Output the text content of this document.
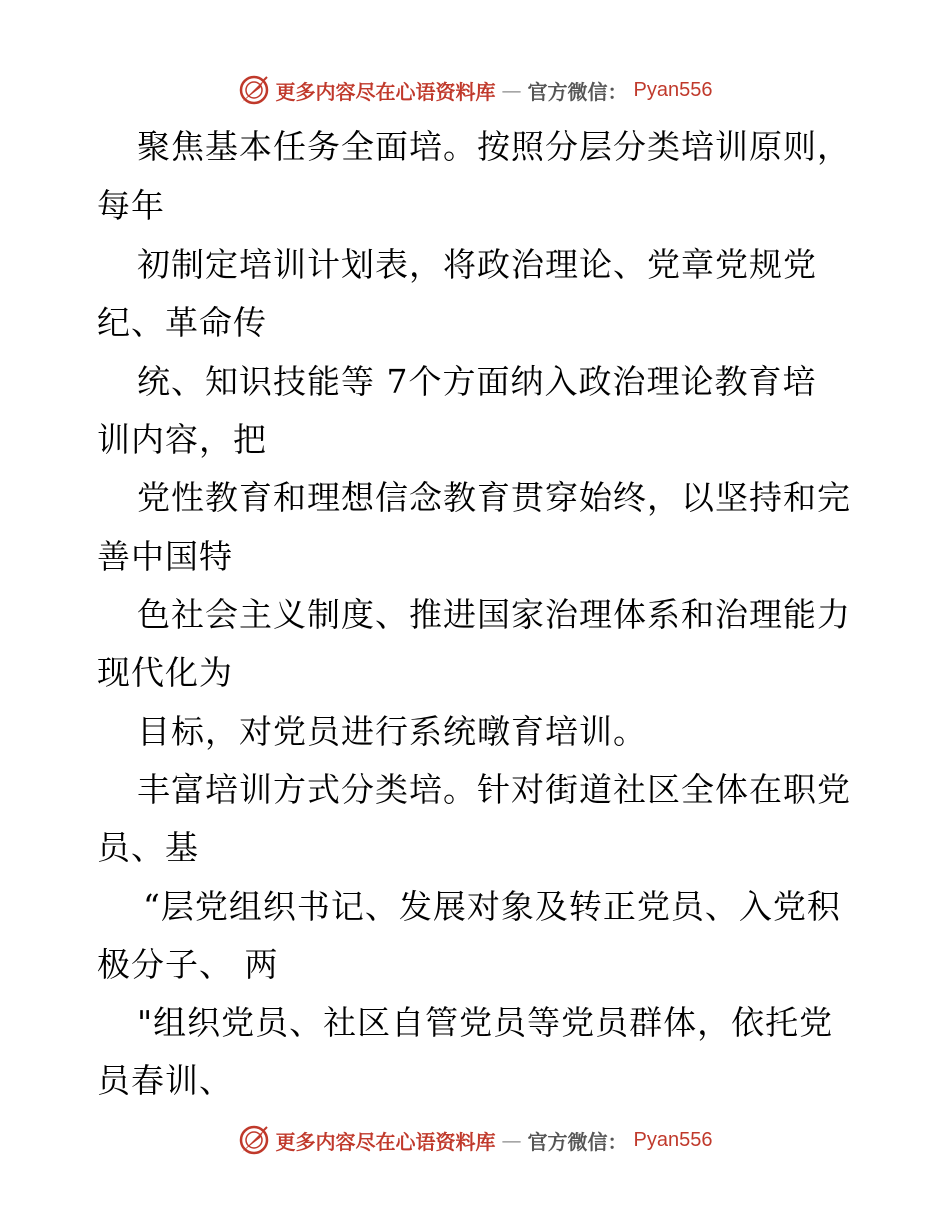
更多内容尽在心语资料库 — 官方微信： Pyan556
聚焦基本任务全面培。按照分层分类培训原则，
每年
初制定培训计划表，将政治理论、党章党规党
纪、革命传
统、知识技能等 7个方面纳入政治理论教育培
训内容，把
党性教育和理想信念教育贯穿始终，以坚持和完
善中国特
色社会主义制度、推进国家治理体系和治理能力
现代化为
目标，对党员进行系统暾育培训。
丰富培训方式分类培。针对街道社区全体在职党
员、基
“层党组织书记、发展对象及转正党员、入党积
极分子、 两
"组织党员、社区自管党员等党员群体，依托党
员春训、
更多内容尽在心语资料库 — 官方微信： Pyan556
